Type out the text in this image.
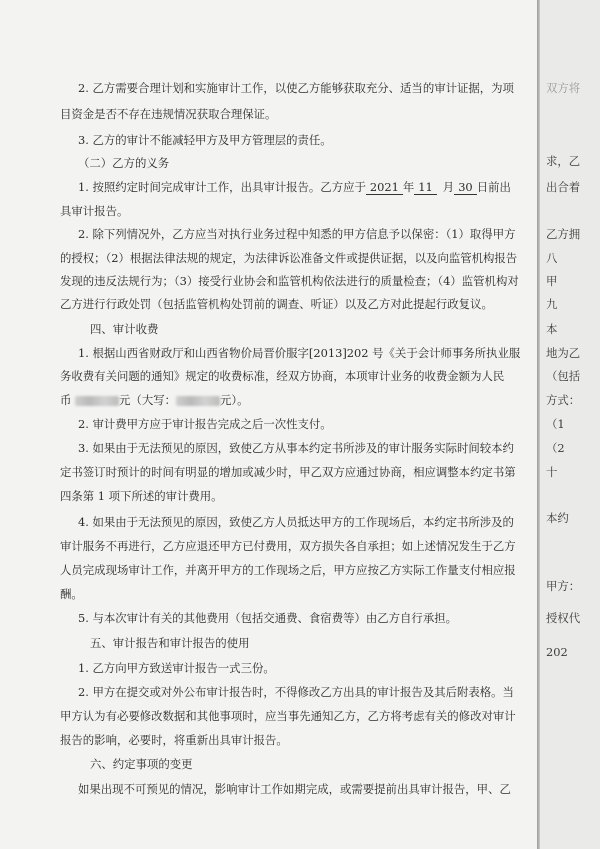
2. 乙方需要合理计划和实施审计工作，以使乙方能够获取充分、适当的审计证据，为项
目资金是否不存在违规情况获取合理保证。
3. 乙方的审计不能减轻甲方及甲方管理层的责任。
（二）乙方的义务
1. 按照约定时间完成审计工作，出具审计报告。乙方应于 2021 年 11 月 30 日前出
具审计报告。
2. 除下列情况外，乙方应当对执行业务过程中知悉的甲方信息予以保密：（1）取得甲方
的授权；（2）根据法律法规的规定，为法律诉讼准备文件或提供证据，以及向监管机构报告
发现的违反法规行为；（3）接受行业协会和监管机构依法进行的质量检查；（4）监管机构对
乙方进行行政处罚（包括监管机构处罚前的调查、听证）以及乙方对此提起行政复议。
四、审计收费
1. 根据山西省财政厅和山西省物价局晋价服字[2013]202 号《关于会计师事务所执业服
务收费有关问题的通知》规定的收费标准，经双方协商，本项审计业务的收费金额为人民
币	元（大写：	元）。
2. 审计费甲方应于审计报告完成之后一次性支付。
3. 如果由于无法预见的原因，致使乙方从事本约定书所涉及的审计服务实际时间较本约
定书签订时预计的时间有明显的增加或减少时，甲乙双方应通过协商，相应调整本约定书第
四条第 1 项下所述的审计费用。
4. 如果由于无法预见的原因，致使乙方人员抵达甲方的工作现场后，本约定书所涉及的
审计服务不再进行，乙方应退还甲方已付费用，双方损失各自承担；如上述情况发生于乙方
人员完成现场审计工作，并离开甲方的工作现场之后，甲方应按乙方实际工作量支付相应报
酬。
5. 与本次审计有关的其他费用（包括交通费、食宿费等）由乙方自行承担。
五、审计报告和审计报告的使用
1. 乙方向甲方致送审计报告一式三份。
2. 甲方在提交或对外公布审计报告时，不得修改乙方出具的审计报告及其后附表格。当
甲方认为有必要修改数据和其他事项时，应当事先通知乙方，乙方将考虑有关的修改对审计
报告的影响，必要时，将重新出具审计报告。
六、约定事项的变更
如果出现不可预见的情况，影响审计工作如期完成，或需要提前出具审计报告，甲、乙
双方将
求，乙
出合着
乙方拥
八
甲
九
本
地为乙
（包括
方式：
（1
（2
十
本约
甲方：
授权代
202
